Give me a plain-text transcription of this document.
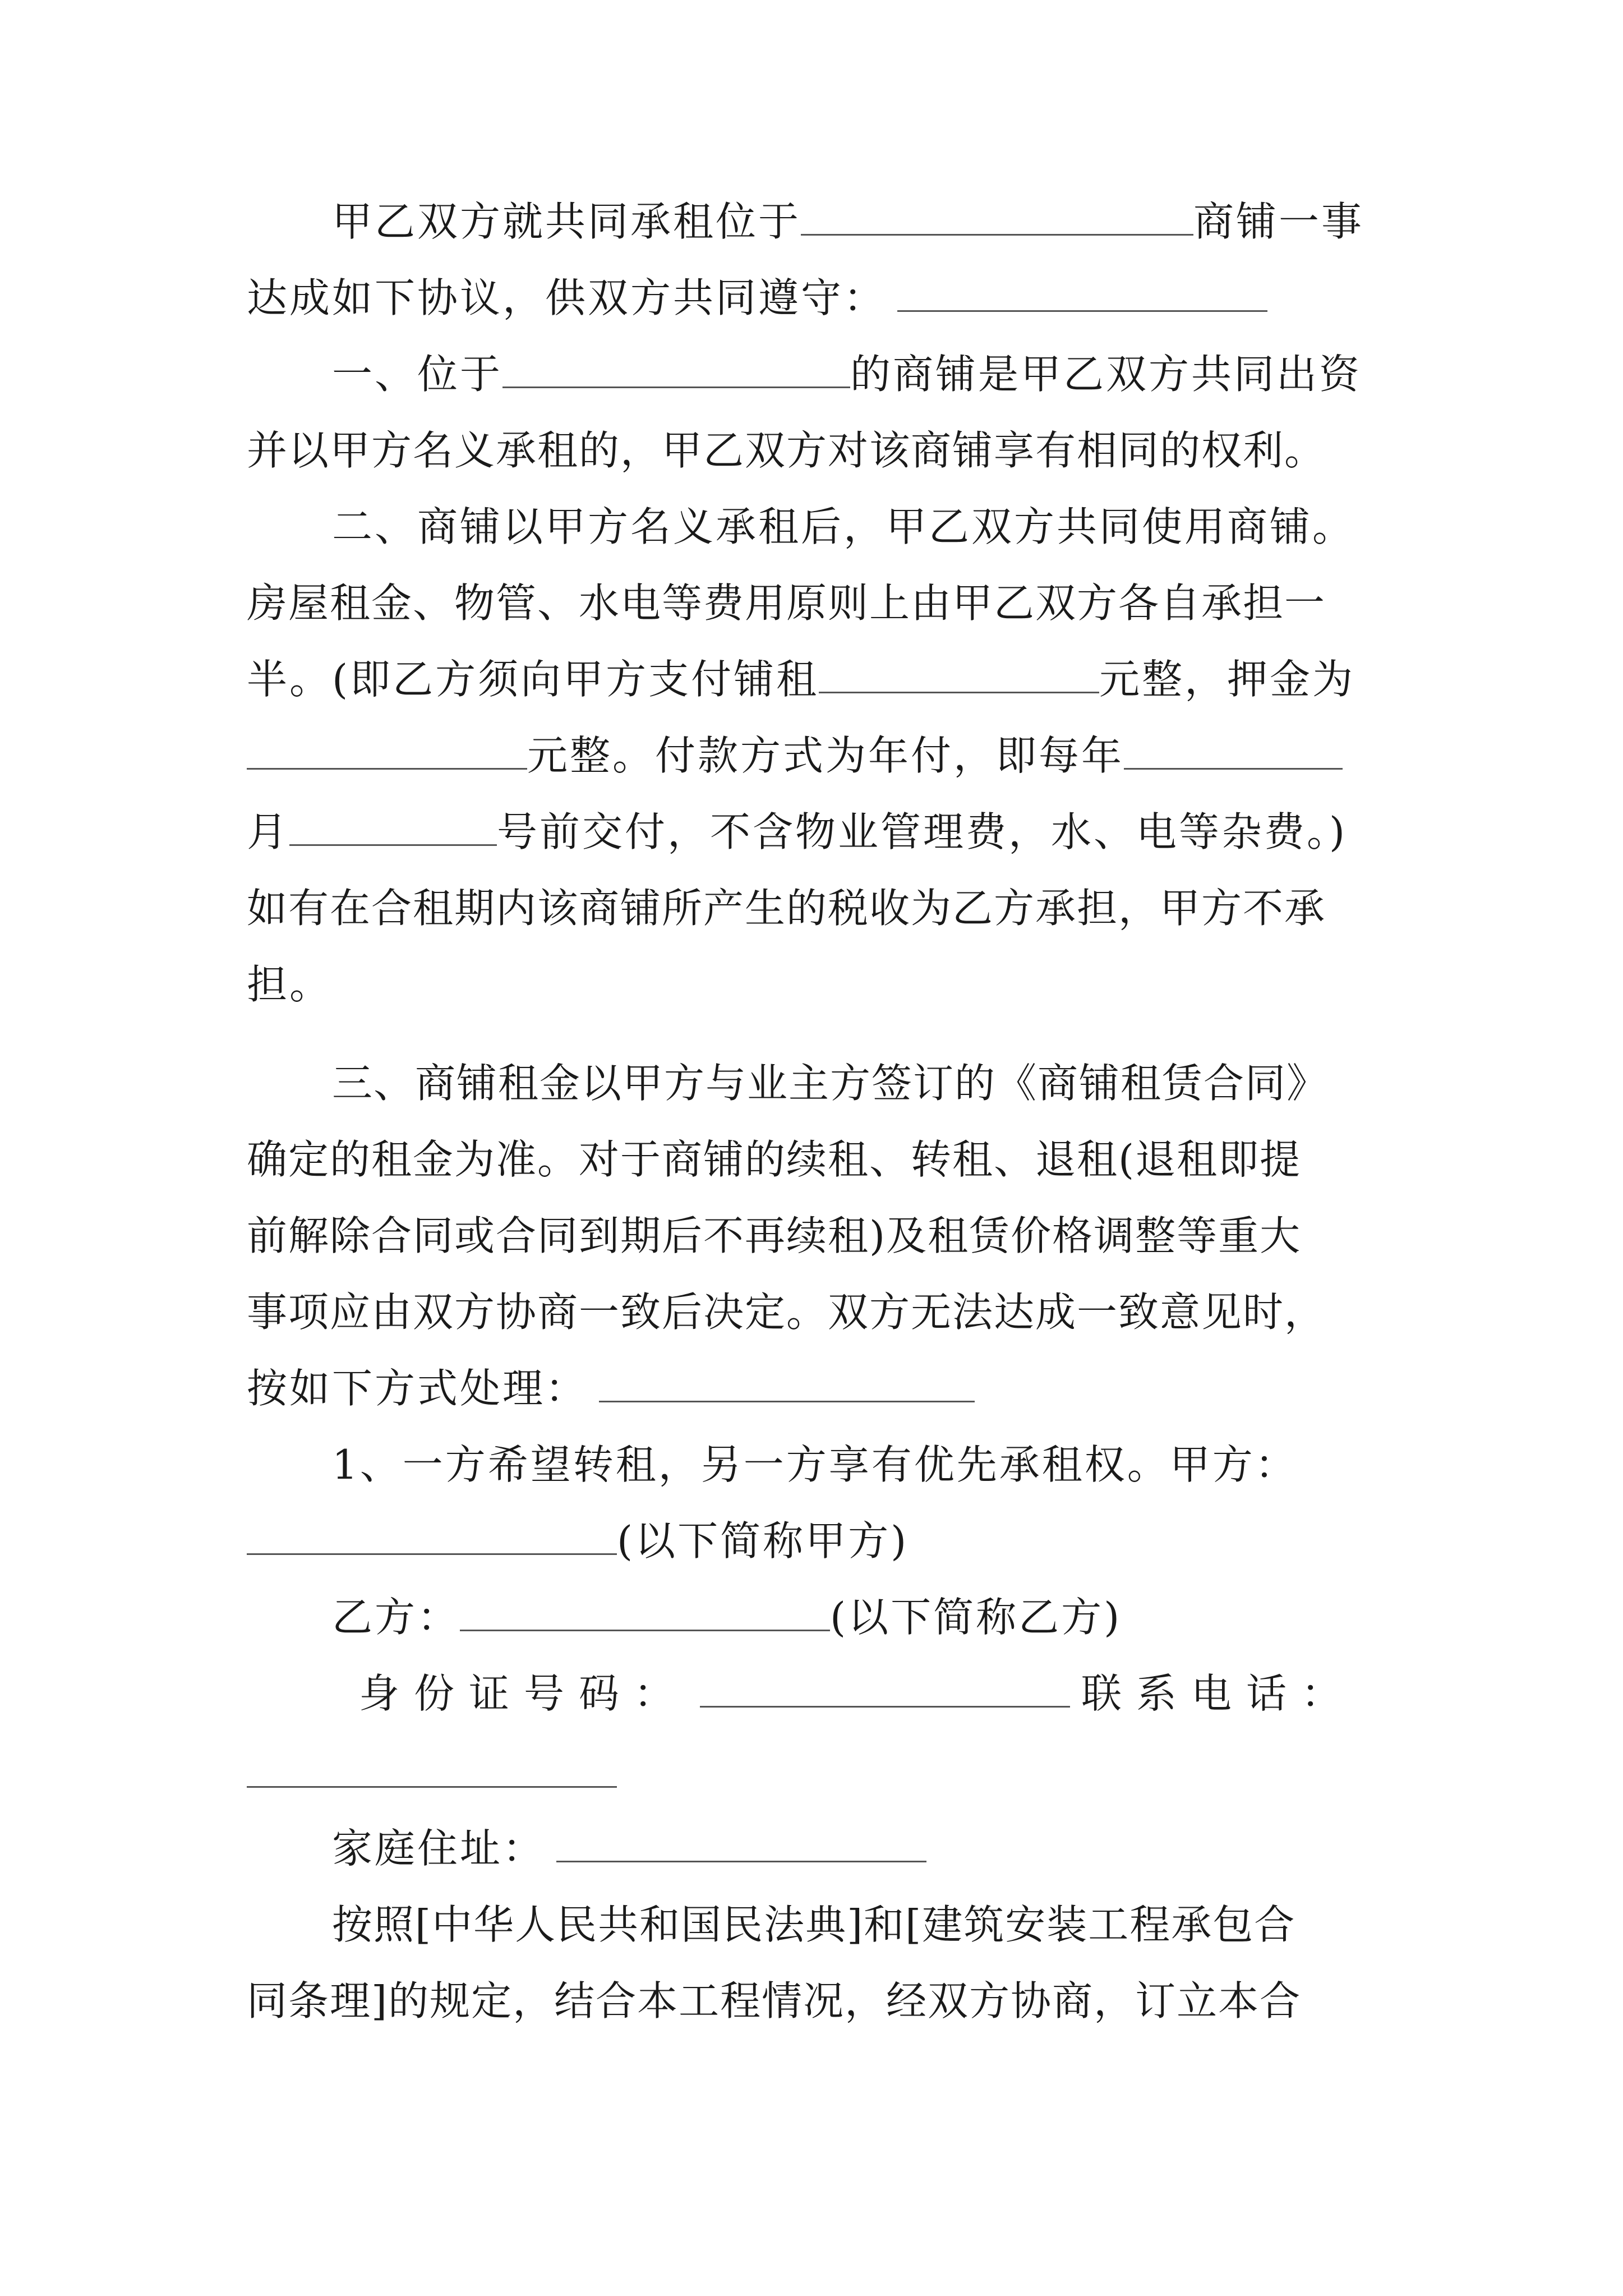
甲乙双方就共同承租位于	商铺一事
达成如下协议，供双方共同遵守：
一、位于	的商铺是甲乙双方共同出资
并以甲方名义承租的，甲乙双方对该商铺享有相同的权利。
二、商铺以甲方名义承租后，甲乙双方共同使用商铺。
房屋租金、物管、水电等费用原则上由甲乙双方各自承担一
半。(即乙方须向甲方支付铺租	元整，押金为
元整。付款方式为年付，即每年
月	号前交付，不含物业管理费，水、电等杂费。)
如有在合租期内该商铺所产生的税收为乙方承担，甲方不承
担。
三、商铺租金以甲方与业主方签订的《商铺租赁合同》
确定的租金为准。对于商铺的续租、转租、退租(退租即提
前解除合同或合同到期后不再续租)及租赁价格调整等重大
事项应由双方协商一致后决定。双方无法达成一致意见时，
按如下方式处理：
1、一方希望转租，另一方享有优先承租权。甲方：
(以下简称甲方)
乙方：	(以下简称乙方)
身份证号码：	联系电话：
家庭住址：
按照[中华人民共和国民法典]和[建筑安装工程承包合
同条理]的规定，结合本工程情况，经双方协商，订立本合
